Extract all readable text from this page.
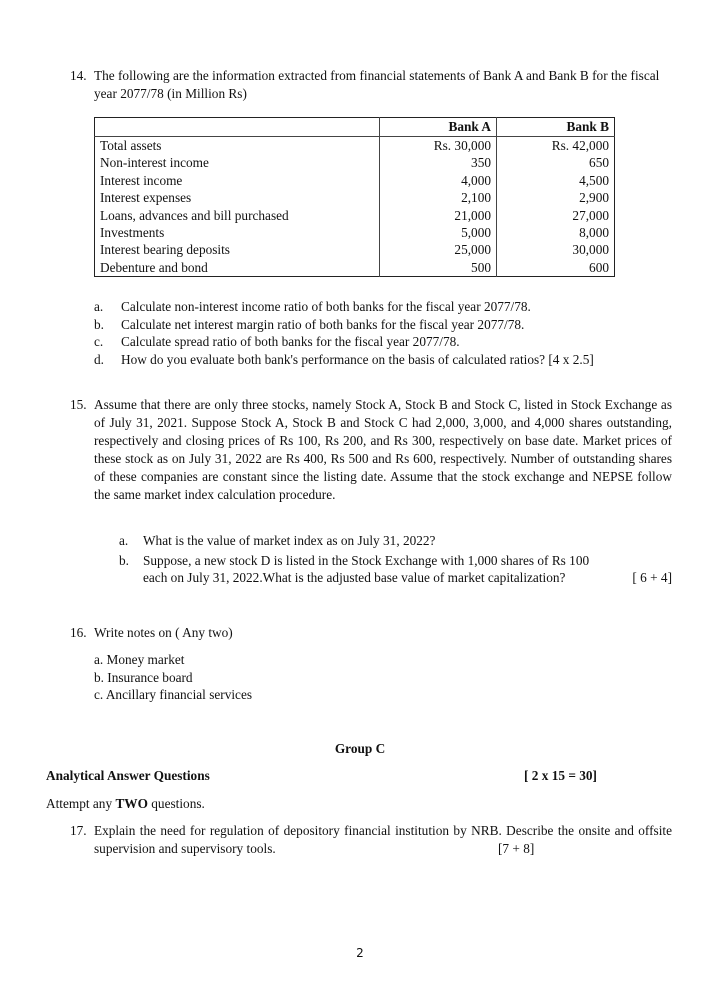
14. The following are the information extracted from financial statements of Bank A and Bank B for the fiscal year 2077/78 (in Million Rs)
	Bank A	Bank B
Total assets	Rs. 30,000	Rs. 42,000
Non-interest income	350	650
Interest income	4,000	4,500
Interest expenses	2,100	2,900
Loans, advances and bill purchased	21,000	27,000
Investments	5,000	8,000
Interest bearing deposits	25,000	30,000
Debenture and bond	500	600
a. Calculate non-interest income ratio of both banks for the fiscal year 2077/78.
b. Calculate net interest margin ratio of both banks for the fiscal year 2077/78.
c. Calculate spread ratio of both banks for the fiscal year 2077/78.
d. How do you evaluate both bank's performance on the basis of calculated ratios? [4 x 2.5]
15. Assume that there are only three stocks, namely Stock A, Stock B and Stock C, listed in Stock Exchange as of July 31, 2021. Suppose Stock A, Stock B and Stock C had 2,000, 3,000, and 4,000 shares outstanding, respectively and closing prices of Rs 100, Rs 200, and Rs 300, respectively on base date. Market prices of these stock as on July 31, 2022 are Rs 400, Rs 500 and Rs 600, respectively. Number of outstanding shares of these companies are constant since the listing date. Assume that the stock exchange and NEPSE follow the same market index calculation procedure.
a. What is the value of market index as on July 31, 2022?
b. Suppose, a new stock D is listed in the Stock Exchange with 1,000 shares of Rs 100 each on July 31, 2022.What is the adjusted base value of market capitalization?	[ 6 + 4]
16. Write notes on ( Any two)
a. Money market
b. Insurance board
c. Ancillary financial services
Group C
Analytical Answer Questions	[ 2 x 15 = 30]
Attempt any TWO questions.
17. Explain the need for regulation of depository financial institution by NRB. Describe the onsite and offsite supervision and supervisory tools.	[7 + 8]
2
